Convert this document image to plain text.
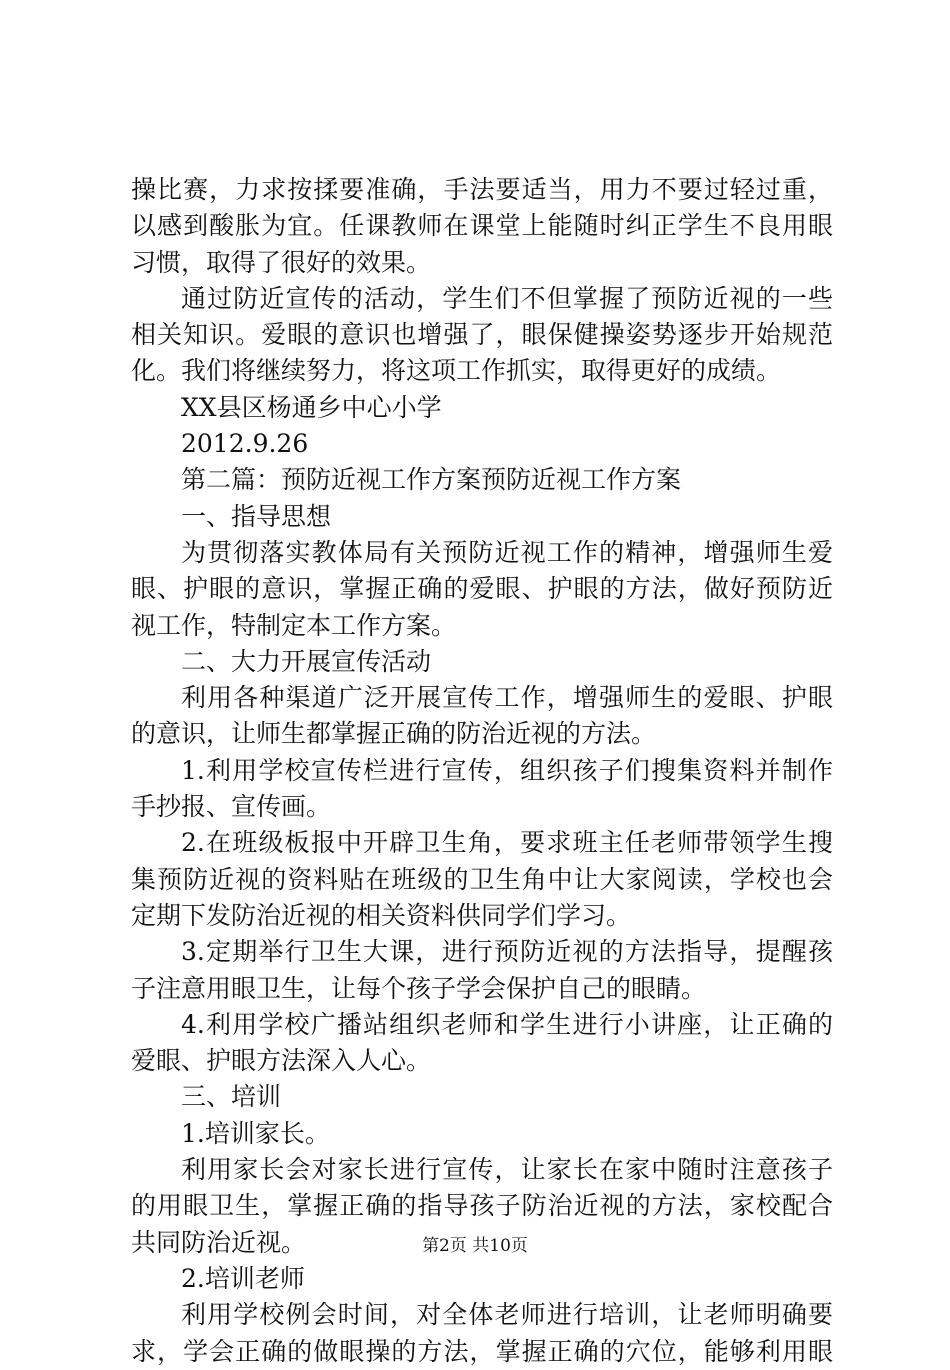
操比赛，力求按揉要准确，手法要适当，用力不要过轻过重，
以感到酸胀为宜。任课教师在课堂上能随时纠正学生不良用眼
习惯，取得了很好的效果。
通过防近宣传的活动，学生们不但掌握了预防近视的一些
相关知识。爱眼的意识也增强了，眼保健操姿势逐步开始规范
化。我们将继续努力，将这项工作抓实，取得更好的成绩。
XX县区杨通乡中心小学
2012.9.26
第二篇：预防近视工作方案预防近视工作方案
一、指导思想
为贯彻落实教体局有关预防近视工作的精神，增强师生爱
眼、护眼的意识，掌握正确的爱眼、护眼的方法，做好预防近
视工作，特制定本工作方案。
二、大力开展宣传活动
利用各种渠道广泛开展宣传工作，增强师生的爱眼、护眼
的意识，让师生都掌握正确的防治近视的方法。
1.利用学校宣传栏进行宣传，组织孩子们搜集资料并制作
手抄报、宣传画。
2.在班级板报中开辟卫生角，要求班主任老师带领学生搜
集预防近视的资料贴在班级的卫生角中让大家阅读，学校也会
定期下发防治近视的相关资料供同学们学习。
3.定期举行卫生大课，进行预防近视的方法指导，提醒孩
子注意用眼卫生，让每个孩子学会保护自己的眼睛。
4.利用学校广播站组织老师和学生进行小讲座，让正确的
爱眼、护眼方法深入人心。
三、培训
1.培训家长。
利用家长会对家长进行宣传，让家长在家中随时注意孩子
的用眼卫生，掌握正确的指导孩子防治近视的方法，家校配合
共同防治近视。
2.培训老师
利用学校例会时间，对全体老师进行培训，让老师明确要
求，学会正确的做眼操的方法，掌握正确的穴位，能够利用眼
第2页 共10页
